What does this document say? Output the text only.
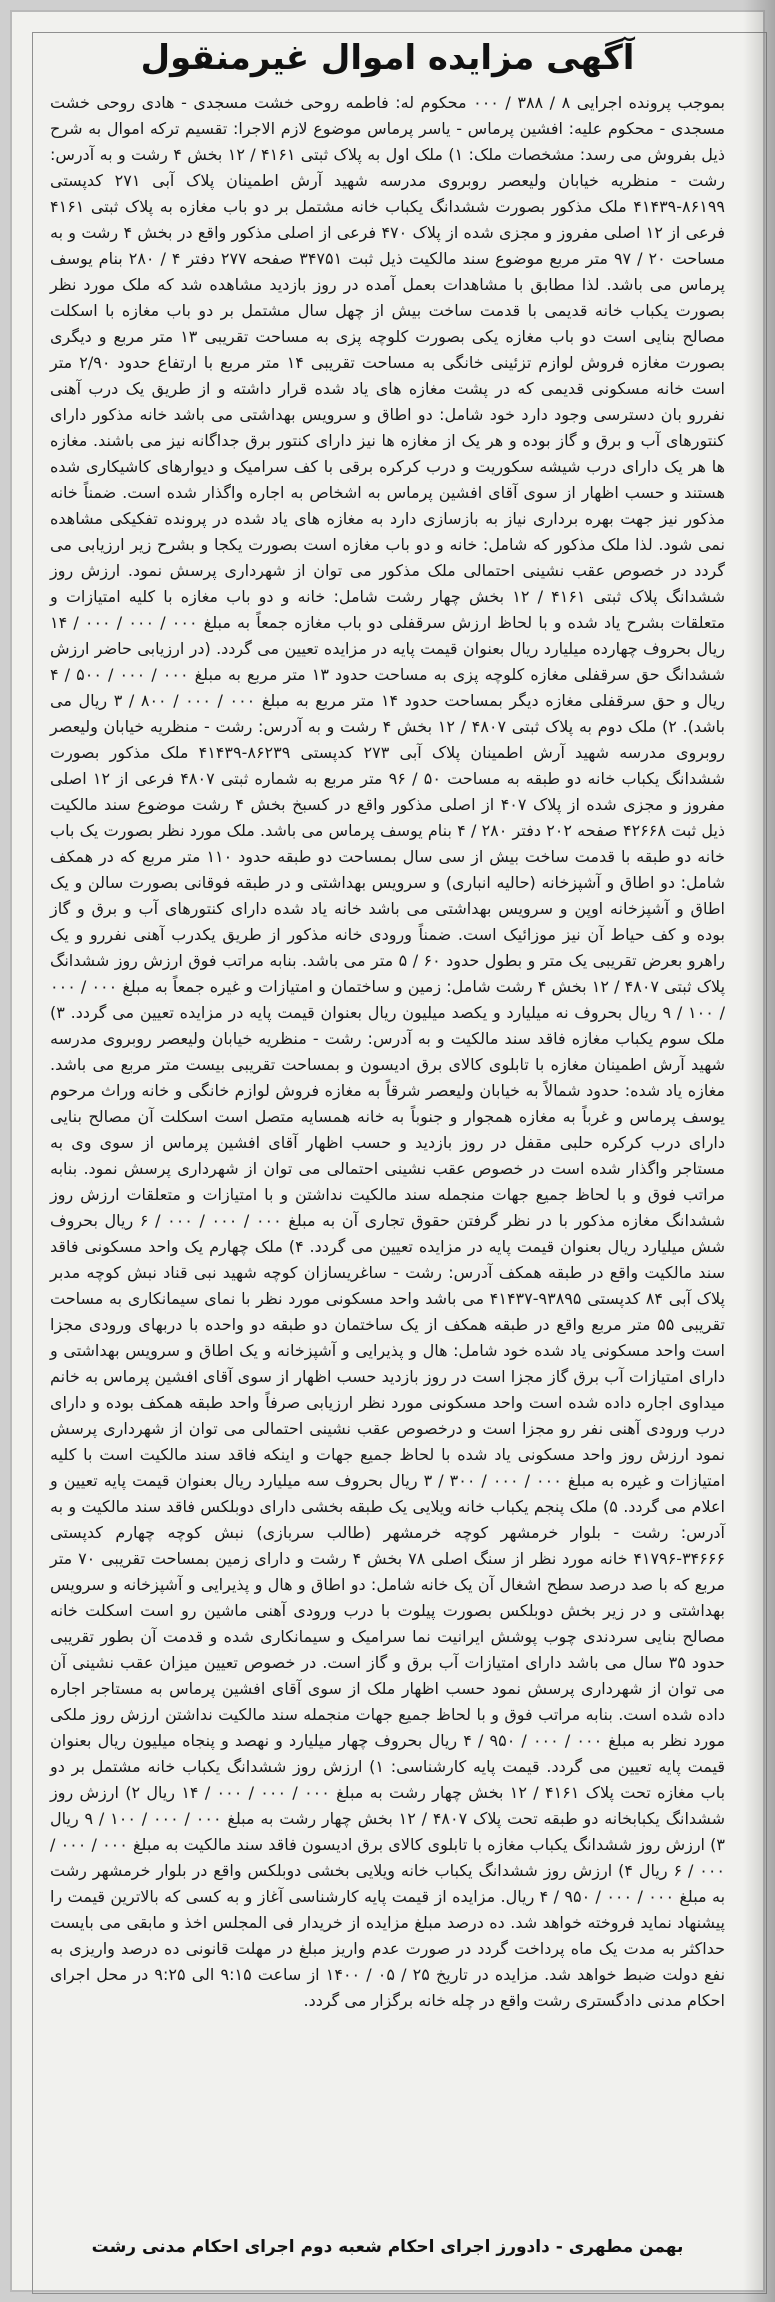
آگهی مزایده اموال غیرمنقول
بموجب پرونده اجرایی ۸ / ۳۸۸ / ۰۰۰ محکوم له: فاطمه روحی خشت مسجدی - هادی روحی خشت مسجدی - محکوم علیه: افشین پرماس - یاسر پرماس موضوع لازم الاجرا: تقسیم ترکه اموال به شرح ذیل بفروش می رسد: مشخصات ملک: ۱) ملک اول به پلاک ثبتی ۴۱۶۱ / ۱۲ بخش ۴ رشت و به آدرس: رشت - منظریه خیابان ولیعصر روبروی مدرسه شهید آرش اطمینان پلاک آبی ۲۷۱ کدپستی ۸۶۱۹۹-۴۱۴۳۹ ملک مذکور بصورت ششدانگ یکباب خانه مشتمل بر دو باب مغازه به پلاک ثبتی ۴۱۶۱ فرعی از ۱۲ اصلی مفروز و مجزی شده از پلاک ۴۷۰ فرعی از اصلی مذکور واقع در بخش ۴ رشت و به مساحت ۲۰ / ۹۷ متر مربع موضوع سند مالکیت ذیل ثبت ۳۴۷۵۱ صفحه ۲۷۷ دفتر ۴ / ۲۸۰ بنام یوسف پرماس می باشد. لذا مطابق با مشاهدات بعمل آمده در روز بازدید مشاهده شد که ملک مورد نظر بصورت یکباب خانه قدیمی با قدمت ساخت بیش از چهل سال مشتمل بر دو باب مغازه با اسکلت مصالح بنایی است دو باب مغازه یکی بصورت کلوچه پزی به مساحت تقریبی ۱۳ متر مربع و دیگری بصورت مغازه فروش لوازم تزئینی خانگی به مساحت تقریبی ۱۴ متر مربع با ارتفاع حدود ۲/۹۰ متر است خانه مسکونی قدیمی که در پشت مغازه های یاد شده قرار داشته و از طریق یک درب آهنی نفررو بان دسترسی وجود دارد خود شامل: دو اطاق و سرویس بهداشتی می باشد خانه مذکور دارای کنتورهای آب و برق و گاز بوده و هر یک از مغازه ها نیز دارای کنتور برق جداگانه نیز می باشند. مغازه ها هر یک دارای درب شیشه سکوریت و درب کرکره برقی با کف سرامیک و دیوارهای کاشیکاری شده هستند و حسب اظهار از سوی آقای افشین پرماس به اشخاص به اجاره واگذار شده است. ضمناً خانه مذکور نیز جهت بهره برداری نیاز به بازسازی دارد به مغازه های یاد شده در پرونده تفکیکی مشاهده نمی شود. لذا ملک مذکور که شامل: خانه و دو باب مغازه است بصورت یکجا و بشرح زیر ارزیابی می گردد در خصوص عقب نشینی احتمالی ملک مذکور می توان از شهرداری پرسش نمود. ارزش روز ششدانگ پلاک ثبتی ۴۱۶۱ / ۱۲ بخش چهار رشت شامل: خانه و دو باب مغازه با کلیه امتیازات و متعلقات بشرح یاد شده و با لحاظ ارزش سرقفلی دو باب مغازه جمعاً به مبلغ ۰۰۰ / ۰۰۰ / ۰۰۰ / ۱۴ ریال بحروف چهارده میلیارد ریال بعنوان قیمت پایه در مزایده تعیین می گردد. (در ارزیابی حاضر ارزش ششدانگ حق سرقفلی مغازه کلوچه پزی به مساحت حدود ۱۳ متر مربع به مبلغ ۰۰۰ / ۰۰۰ / ۵۰۰ / ۴ ریال و حق سرقفلی مغازه دیگر بمساحت حدود ۱۴ متر مربع به مبلغ ۰۰۰ / ۰۰۰ / ۸۰۰ / ۳ ریال می باشد). ۲) ملک دوم به پلاک ثبتی ۴۸۰۷ / ۱۲ بخش ۴ رشت و به آدرس: رشت - منظریه خیابان ولیعصر روبروی مدرسه شهید آرش اطمینان پلاک آبی ۲۷۳ کدپستی ۸۶۲۳۹-۴۱۴۳۹ ملک مذکور بصورت ششدانگ یکباب خانه دو طبقه به مساحت ۵۰ / ۹۶ متر مربع به شماره ثبتی ۴۸۰۷ فرعی از ۱۲ اصلی مفروز و مجزی شده از پلاک ۴۰۷ از اصلی مذکور واقع در کسبخ بخش ۴ رشت موضوع سند مالکیت ذیل ثبت ۴۲۶۶۸ صفحه ۲۰۲ دفتر ۲۸۰ / ۴ بنام یوسف پرماس می باشد. ملک مورد نظر بصورت یک باب خانه دو طبقه با قدمت ساخت بیش از سی سال بمساحت دو طبقه حدود ۱۱۰ متر مربع که در همکف شامل: دو اطاق و آشپزخانه (حالیه انباری) و سرویس بهداشتی و در طبقه فوقانی بصورت سالن و یک اطاق و آشپزخانه اوپن و سرویس بهداشتی می باشد خانه یاد شده دارای کنتورهای آب و برق و گاز بوده و کف حیاط آن نیز موزائیک است. ضمناً ورودی خانه مذکور از طریق یکدرب آهنی نفررو و یک راهرو بعرض تقریبی یک متر و بطول حدود ۶۰ / ۵ متر می باشد. بنابه مراتب فوق ارزش روز ششدانگ پلاک ثبتی ۴۸۰۷ / ۱۲ بخش ۴ رشت شامل: زمین و ساختمان و امتیازات و غیره جمعاً به مبلغ ۰۰۰ / ۰۰۰ / ۱۰۰ / ۹ ریال بحروف نه میلیارد و یکصد میلیون ریال بعنوان قیمت پایه در مزایده تعیین می گردد. ۳) ملک سوم یکباب مغازه فاقد سند مالکیت و به آدرس: رشت - منظریه خیابان ولیعصر روبروی مدرسه شهید آرش اطمینان مغازه با تابلوی کالای برق ادیسون و بمساحت تقریبی بیست متر مربع می باشد. مغازه یاد شده: حدود شمالاً به خیابان ولیعصر شرقاً به مغازه فروش لوازم خانگی و خانه وراث مرحوم یوسف پرماس و غرباً به مغازه همجوار و جنوباً به خانه همسایه متصل است اسکلت آن مصالح بنایی دارای درب کرکره حلبی مقفل در روز بازدید و حسب اظهار آقای افشین پرماس از سوی وی به مستاجر واگذار شده است در خصوص عقب نشینی احتمالی می توان از شهرداری پرسش نمود. بنابه مراتب فوق و با لحاظ جمیع جهات منجمله سند مالکیت نداشتن و با امتیازات و متعلقات ارزش روز ششدانگ مغازه مذکور با در نظر گرفتن حقوق تجاری آن به مبلغ ۰۰۰ / ۰۰۰ / ۰۰۰ / ۶ ریال بحروف شش میلیارد ریال بعنوان قیمت پایه در مزایده تعیین می گردد. ۴) ملک چهارم یک واحد مسکونی فاقد سند مالکیت واقع در طبقه همکف آدرس: رشت - ساغریسازان کوچه شهید نبی قناد نبش کوچه مدبر پلاک آبی ۸۴ کدپستی ۹۳۸۹۵-۴۱۴۳۷ می باشد واحد مسکونی مورد نظر با نمای سیمانکاری به مساحت تقریبی ۵۵ متر مربع واقع در طبقه همکف از یک ساختمان دو طبقه دو واحده با دربهای ورودی مجزا است واحد مسکونی یاد شده خود شامل: هال و پذیرایی و آشپزخانه و یک اطاق و سرویس بهداشتی و دارای امتیازات آب برق گاز مجزا است در روز بازدید حسب اظهار از سوی آقای افشین پرماس به خانم میداوی اجاره داده شده است واحد مسکونی مورد نظر ارزیابی صرفاً واحد طبقه همکف بوده و دارای درب ورودی آهنی نفر رو مجزا است و درخصوص عقب نشینی احتمالی می توان از شهرداری پرسش نمود ارزش روز واحد مسکونی یاد شده با لحاظ جمیع جهات و اینکه فاقد سند مالکیت است با کلیه امتیازات و غیره به مبلغ ۰۰۰ / ۰۰۰ / ۳۰۰ / ۳ ریال بحروف سه میلیارد ریال بعنوان قیمت پایه تعیین و اعلام می گردد. ۵) ملک پنجم یکباب خانه ویلایی یک طبقه بخشی دارای دوبلکس فاقد سند مالکیت و به آدرس: رشت - بلوار خرمشهر کوچه خرمشهر (طالب سربازی) نبش کوچه چهارم کدپستی ۳۴۶۶۶-۴۱۷۹۶ خانه مورد نظر از سنگ اصلی ۷۸ بخش ۴ رشت و دارای زمین بمساحت تقریبی ۷۰ متر مربع که با صد درصد سطح اشغال آن یک خانه شامل: دو اطاق و هال و پذیرایی و آشپزخانه و سرویس بهداشتی و در زیر بخش دوبلکس بصورت پیلوت با درب ورودی آهنی ماشین رو است اسکلت خانه مصالح بنایی سردندی چوب پوشش ایرانیت نما سرامیک و سیمانکاری شده و قدمت آن بطور تقریبی حدود ۳۵ سال می باشد دارای امتیازات آب برق و گاز است. در خصوص تعیین میزان عقب نشینی آن می توان از شهرداری پرسش نمود حسب اظهار ملک از سوی آقای افشین پرماس به مستاجر اجاره داده شده است. بنابه مراتب فوق و با لحاظ جمیع جهات منجمله سند مالکیت نداشتن ارزش روز ملکی مورد نظر به مبلغ ۰۰۰ / ۰۰۰ / ۹۵۰ / ۴ ریال بحروف چهار میلیارد و نهصد و پنجاه میلیون ریال بعنوان قیمت پایه تعیین می گردد. قیمت پایه کارشناسی: ۱) ارزش روز ششدانگ یکباب خانه مشتمل بر دو باب مغازه تحت پلاک ۴۱۶۱ / ۱۲ بخش چهار رشت به مبلغ ۰۰۰ / ۰۰۰ / ۰۰۰ / ۱۴ ریال ۲) ارزش روز ششدانگ یکبابخانه دو طبقه تحت پلاک ۴۸۰۷ / ۱۲ بخش چهار رشت به مبلغ ۰۰۰ / ۰۰۰ / ۱۰۰ / ۹ ریال ۳) ارزش روز ششدانگ یکباب مغازه با تابلوی کالای برق ادیسون فاقد سند مالکیت به مبلغ ۰۰۰ / ۰۰۰ / ۰۰۰ / ۶ ریال ۴) ارزش روز ششدانگ یکباب خانه ویلایی بخشی دوبلکس واقع در بلوار خرمشهر رشت به مبلغ ۰۰۰ / ۰۰۰ / ۹۵۰ / ۴ ریال. مزایده از قیمت پایه کارشناسی آغاز و به کسی که بالاترین قیمت را پیشنهاد نماید فروخته خواهد شد. ده درصد مبلغ مزایده از خریدار فی المجلس اخذ و مابقی می بایست حداکثر به مدت یک ماه پرداخت گردد در صورت عدم واریز مبلغ در مهلت قانونی ده درصد واریزی به نفع دولت ضبط خواهد شد. مزایده در تاریخ ۲۵ / ۰۵ / ۱۴۰۰ از ساعت ۹:۱۵ الی ۹:۲۵ در محل اجرای احکام مدنی دادگستری رشت واقع در چله خانه برگزار می گردد.
بهمن مطهری - دادورز اجرای احکام شعبه دوم اجرای احکام مدنی رشت
